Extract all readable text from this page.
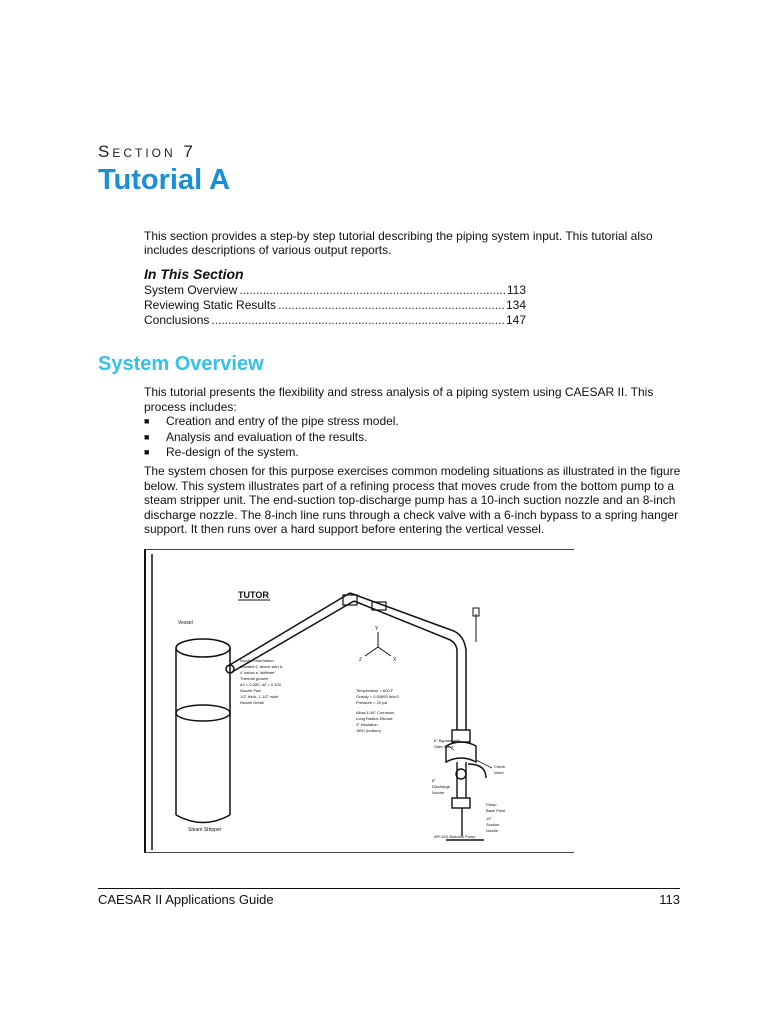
Section 7
Tutorial A
This section provides a step-by step tutorial describing the piping system input. This tutorial also includes descriptions of various output reports.
In This Section
System Overview .....	113
Reviewing Static Results .....	134
Conclusions .....	147
System Overview
This tutorial presents the flexibility and stress analysis of a piping system using CAESAR II. This process includes:
■	Creation and entry of the pipe stress model.
■	Analysis and evaluation of the results.
■	Re-design of the system.
The system chosen for this purpose exercises common modeling situations as illustrated in the figure below. This system illustrates part of a refining process that moves crude from the bottom pump to a steam stripper unit. The end-suction top-discharge pump has a 10-inch suction nozzle and an 8-inch discharge nozzle. The 8-inch line runs through a check valve with a 6-inch bypass to a spring hanger support. It then runs over a hard support before entering the vertical vessel.
TUTOR
Vessel
Steam Stripper
Y
X
Z
Nozzle Information:
Located 6' above skirt &
4' below a "stiffener"
Thermal growth:
dX = 0.280, dZ = 0.100
Nozzle Pad:
1/2" thick, 1-1/2" wide
Nozzle Detail
Temperature = 600 F
Gravity = 0.00893 Ib/in3
Pressure = 20 psi
Allow 1/16" Corrosion
Long Radius Elbows
3" insulation
JIBG (bottom)
6" Bypass with
Gate Valve
Check
Valve
8"
Discharge
Nozzle
Pump
Base Point
10"
Suction
Nozzle
API 610 Bottoms Pump
CAESAR II Applications Guide	113
